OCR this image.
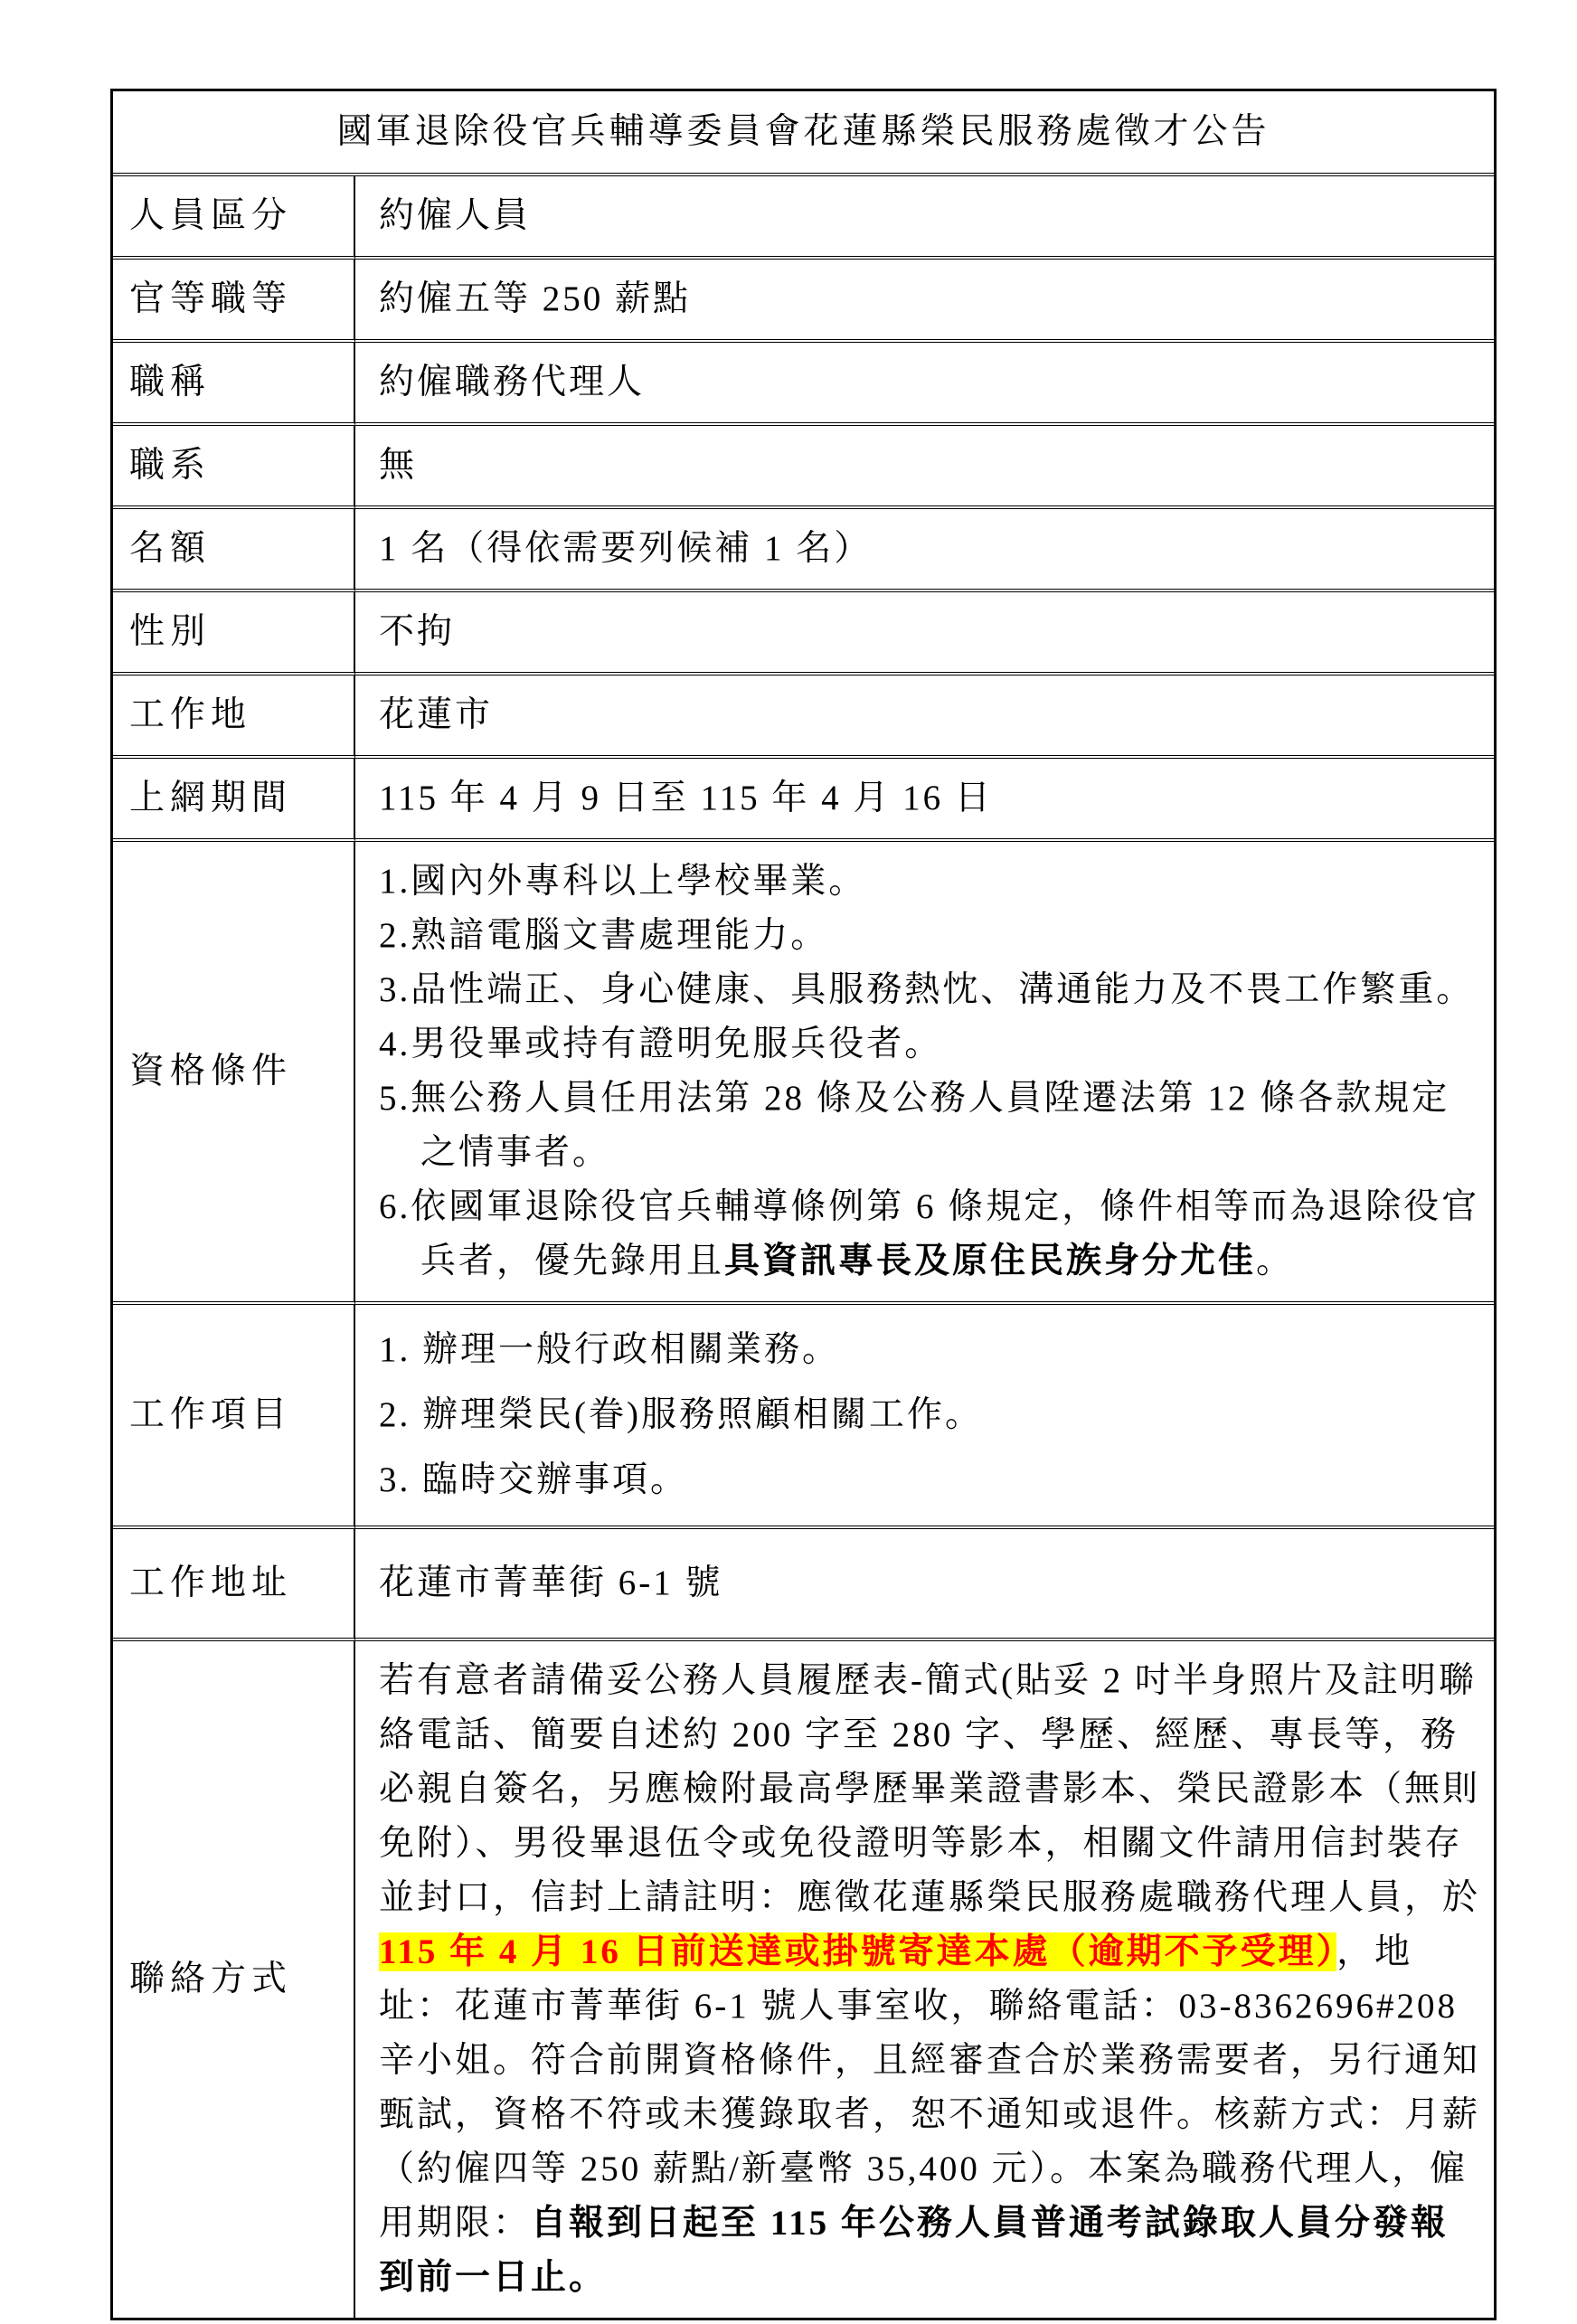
國軍退除役官兵輔導委員會花蓮縣榮民服務處徵才公告	
人員區分	約僱人員
官等職等	約僱五等 250 薪點
職稱	約僱職務代理人
職系	無
名額	1 名（得依需要列候補 1 名）
性別	不拘
工作地	花蓮市
上網期間	115 年 4 月 9 日至 115 年 4 月 16 日
資格條件	
1.國內外專科以上學校畢業。
2.熟諳電腦文書處理能力。
3.品性端正、身心健康、具服務熱忱、溝通能力及不畏工作繁重。
4.男役畢或持有證明免服兵役者。
5.無公務人員任用法第 28 條及公務人員陞遷法第 12 條各款規定之情事者。
6.依國軍退除役官兵輔導條例第 6 條規定，條件相等而為退除役官兵者，優先錄用且具資訊專長及原住民族身分尤佳。

工作項目	1. 辦理一般行政相關業務。
2. 辦理榮民(眷)服務照顧相關工作。
3. 臨時交辦事項。

工作地址	花蓮市菁華街 6-1 號
聯絡方式	若有意者請備妥公務人員履歷表-簡式(貼妥 2 吋半身照片及註明聯絡電話、簡要自述約 200 字至 280 字、學歷、經歷、專長等，務必親自簽名，另應檢附最高學歷畢業證書影本、榮民證影本（無則免附）、男役畢退伍令或免役證明等影本，相關文件請用信封裝存並封口，信封上請註明：應徵花蓮縣榮民服務處職務代理人員，於115 年 4 月 16 日前送達或掛號寄達本處（逾期不予受理），地址：花蓮市菁華街 6-1 號人事室收，聯絡電話：03-8362696#208 辛小姐。符合前開資格條件，且經審查合於業務需要者，另行通知甄試，資格不符或未獲錄取者，恕不通知或退件。核薪方式：月薪（約僱四等 250 薪點/新臺幣 35,400 元）。本案為職務代理人，僱用期限：自報到日起至 115 年公務人員普通考試錄取人員分發報到前一日止。
